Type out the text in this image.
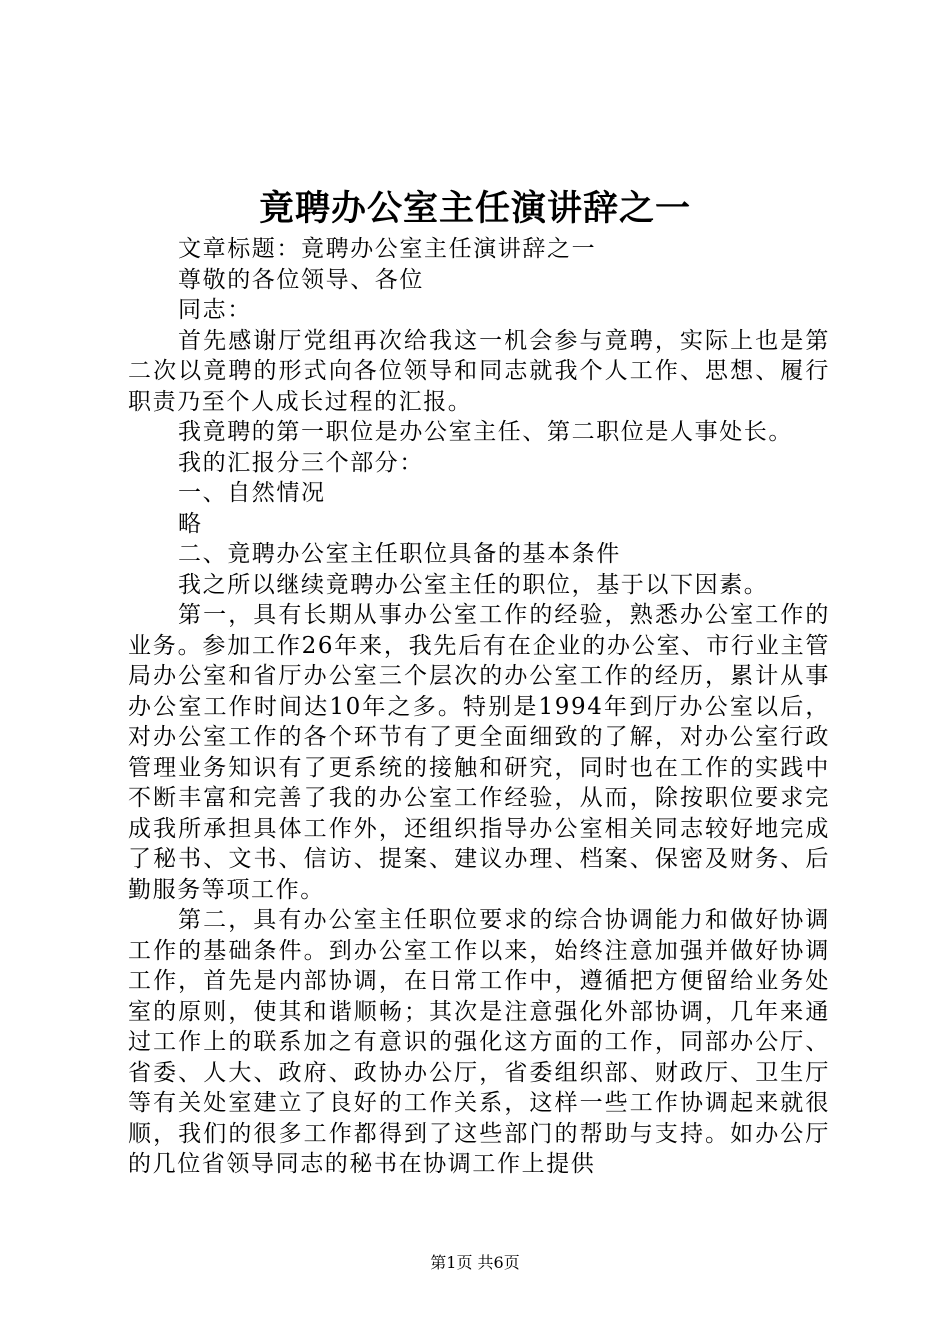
竟聘办公室主任演讲辞之一

文章标题：竟聘办公室主任演讲辞之一

尊敬的各位领导、各位

同志：

首先感谢厅党组再次给我这一机会参与竟聘，实际上也是第二次以竟聘的形式向各位领导和同志就我个人工作、思想、履行职责乃至个人成长过程的汇报。

我竟聘的第一职位是办公室主任、第二职位是人事处长。

我的汇报分三个部分：

一、自然情况

略

二、竟聘办公室主任职位具备的基本条件

我之所以继续竟聘办公室主任的职位，基于以下因素。

第一，具有长期从事办公室工作的经验，熟悉办公室工作的业务。参加工作26年来，我先后有在企业的办公室、市行业主管局办公室和省厅办公室三个层次的办公室工作的经历，累计从事办公室工作时间达10年之多。特别是1994年到厅办公室以后，对办公室工作的各个环节有了更全面细致的了解，对办公室行政管理业务知识有了更系统的接触和研究，同时也在工作的实践中不断丰富和完善了我的办公室工作经验，从而，除按职位要求完成我所承担具体工作外，还组织指导办公室相关同志较好地完成了秘书、文书、信访、提案、建议办理、档案、保密及财务、后勤服务等项工作。

第二，具有办公室主任职位要求的综合协调能力和做好协调工作的基础条件。到办公室工作以来，始终注意加强并做好协调工作，首先是内部协调，在日常工作中，遵循把方便留给业务处室的原则，使其和谐顺畅；其次是注意强化外部协调，几年来通过工作上的联系加之有意识的强化这方面的工作，同部办公厅、省委、人大、政府、政协办公厅，省委组织部、财政厅、卫生厅等有关处室建立了良好的工作关系，这样一些工作协调起来就很顺，我们的很多工作都得到了这些部门的帮助与支持。如办公厅的几位省领导同志的秘书在协调工作上提供

第1页 共6页
